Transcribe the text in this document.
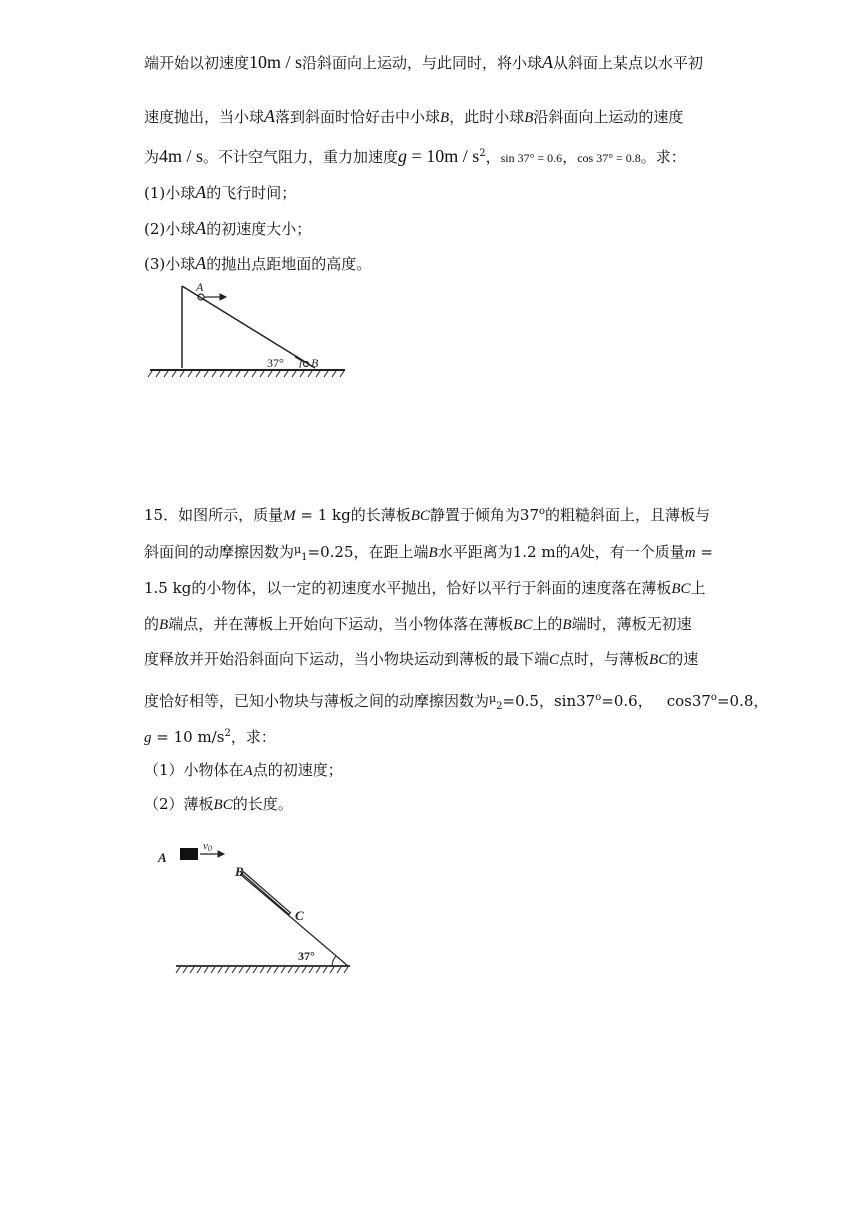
端开始以初速度10m / s沿斜面向上运动，与此同时，将小球A从斜面上某点以水平初
速度抛出，当小球A落到斜面时恰好击中小球B，此时小球B沿斜面向上运动的速度
为4m / s。不计空气阻力，重力加速度$g = 10m / s^2$，sin 37° = 0.6，cos 37° = 0.8。求：
(1)小球A的飞行时间；
(2)小球A的初速度大小；
(3)小球A的抛出点距地面的高度。
A
B
37°
15．如图所示，质量M = 1 kg的长薄板BC静置于倾角为37$^o$的粗糙斜面上，且薄板与
斜面间的动摩擦因数为$^\mu_1$=0.25，在距上端B水平距离为1.2 m的A处，有一个质量m =
1.5 kg的小物体，以一定的初速度水平抛出，恰好以平行于斜面的速度落在薄板BC上
的B端点，并在薄板上开始向下运动，当小物体落在薄板BC上的B端时，薄板无初速
度释放并开始沿斜面向下运动，当小物块运动到薄板的最下端C点时，与薄板BC的速
度恰好相等，已知小物块与薄板之间的动摩擦因数为$^\mu_2$=0.5，$\sin 37^o=0.6$， $\cos 37^o=0.8$，
g = 10 $m/s^2$，求：
（1）小物体在A点的初速度；
（2）薄板BC的长度。
A
v0
B
C
37°
